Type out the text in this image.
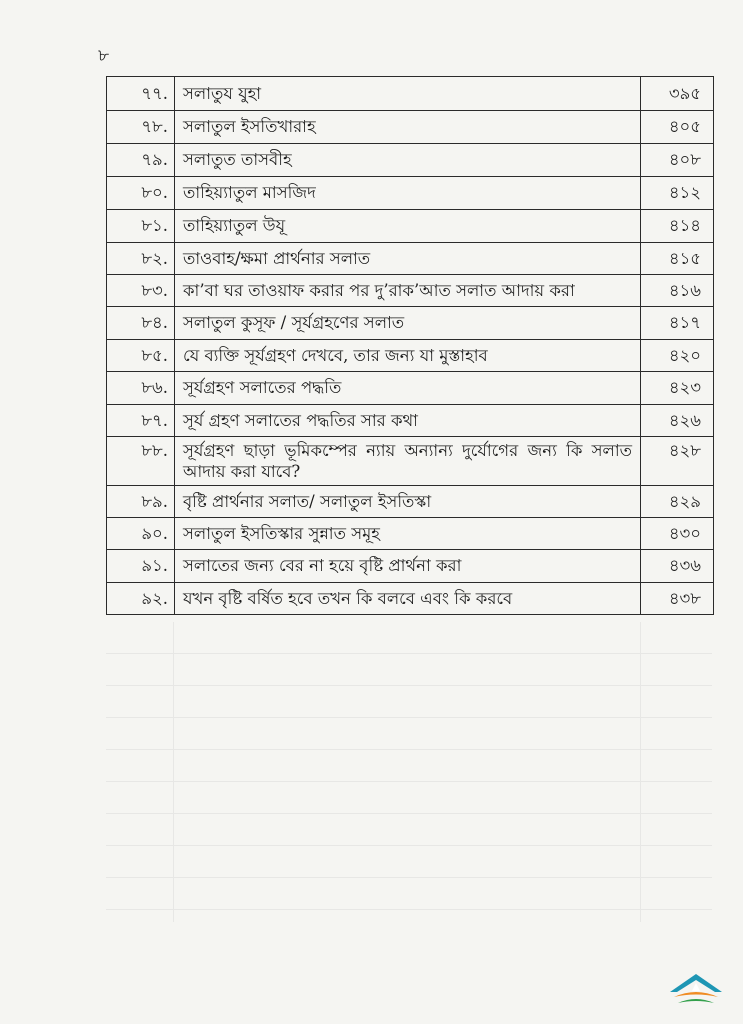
৮
৭৭.	সলাতুয যুহা	৩৯৫
৭৮.	সলাতুল ইসতিখারাহ	৪০৫
৭৯.	সলাতুত তাসবীহ	৪০৮
৮০.	তাহিয়্যাতুল মাসজিদ	৪১২
৮১.	তাহিয়্যাতুল উযূ	৪১৪
৮২.	তাওবাহ/ক্ষমা প্রার্থনার সলাত	৪১৫
৮৩.	কা’বা ঘর তাওয়াফ করার পর দু’রাক’আত সলাত আদায় করা	৪১৬
৮৪.	সলাতুল কুসূফ / সূর্যগ্রহণের সলাত	৪১৭
৮৫.	যে ব্যক্তি সূর্যগ্রহণ দেখবে, তার জন্য যা মুস্তাহাব	৪২০
৮৬.	সূর্যগ্রহণ সলাতের পদ্ধতি	৪২৩
৮৭.	সূর্য গ্রহণ সলাতের পদ্ধতির সার কথা	৪২৬
৮৮.	সূর্যগ্রহণ ছাড়া ভূমিকম্পের ন্যায় অন্যান্য দুর্যোগের জন্য কি সলাত আদায় করা যাবে?	৪২৮
৮৯.	বৃষ্টি প্রার্থনার সলাত/ সলাতুল ইসতিস্কা	৪২৯
৯০.	সলাতুল ইসতিস্কার সুন্নাত সমূহ	৪৩০
৯১.	সলাতের জন্য বের না হয়ে বৃষ্টি প্রার্থনা করা	৪৩৬
৯২.	যখন বৃষ্টি বর্ষিত হবে তখন কি বলবে এবং কি করবে	৪৩৮
